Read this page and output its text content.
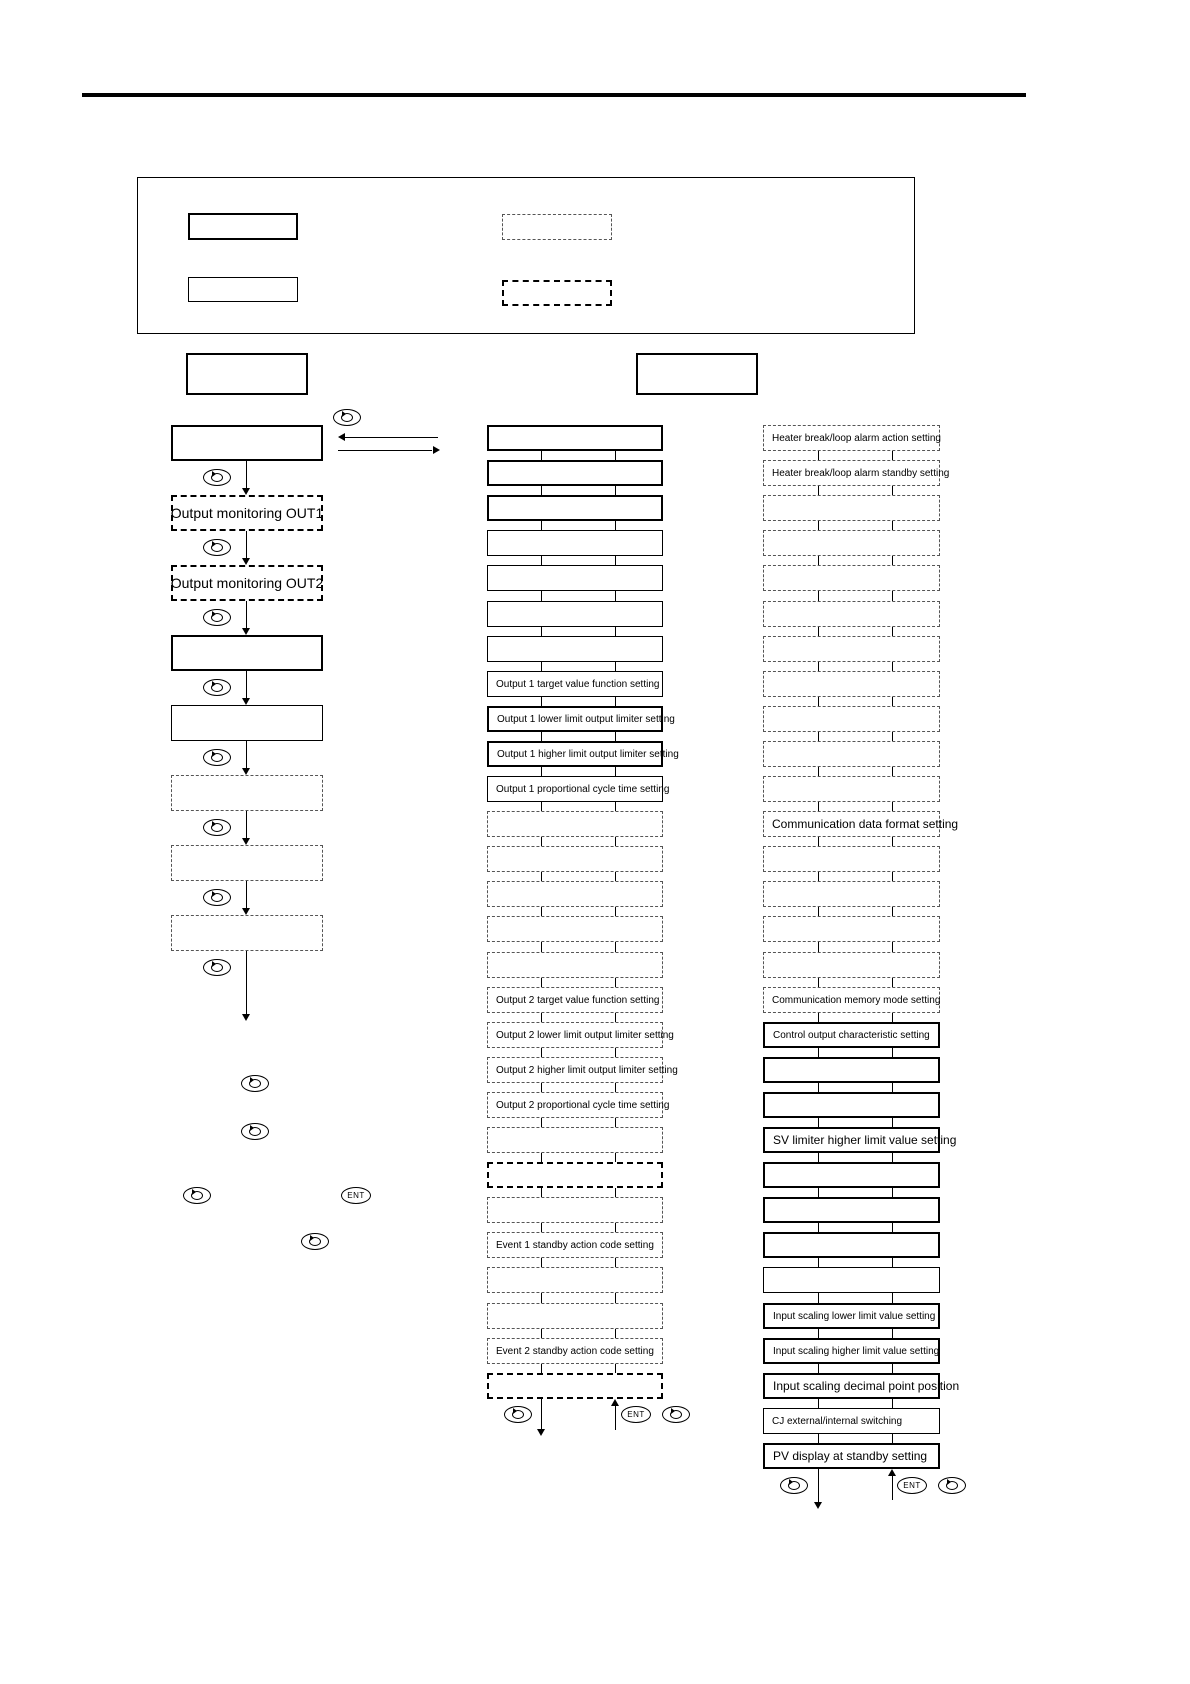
Output monitoring OUT1
Output monitoring OUT2
ENT
Output 1 target value function setting
Output 1 lower limit output limiter setting
Output 1 higher limit output limiter setting
Output 1 proportional cycle time setting
Output 2 target value function setting
Output 2 lower limit output limiter setting
Output 2 higher limit output limiter setting
Output 2 proportional cycle time setting
Event 1 standby action code setting
Event 2 standby action code setting
ENT
Heater break/loop alarm action setting
Heater break/loop alarm standby setting
Communication data format setting
Communication memory mode setting
Control output characteristic setting
SV limiter higher limit value setting
Input scaling lower limit value setting
Input scaling higher limit value setting
Input scaling decimal point position
CJ external/internal switching
PV display at standby setting
ENT
